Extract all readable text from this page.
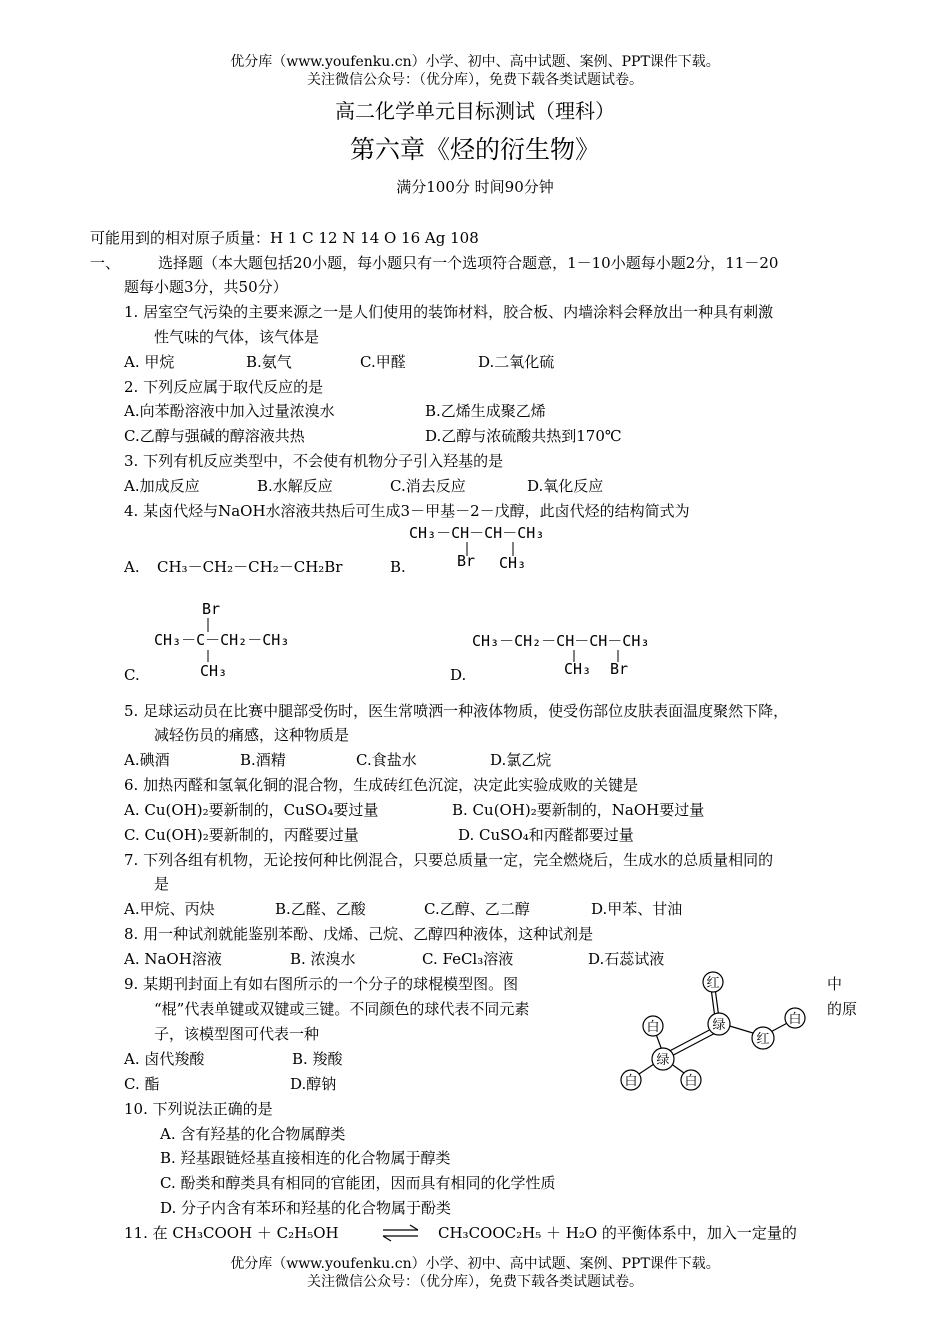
优分库（www.youfenku.cn）小学、初中、高中试题、案例、PPT课件下载。
关注微信公众号：（优分库），免费下载各类试题试卷。
高二化学单元目标测试（理科）
第六章《烃的衍生物》
满分100分 时间90分钟
可能用到的相对原子质量：H 1 C 12 N 14 O 16 Ag 108
一、	选择题（本大题包括20小题，每小题只有一个选项符合题意，1－10小题每小题2分，11－20
题每小题3分，共50分）
1. 居室空气污染的主要来源之一是人们使用的装饰材料，胶合板、内墙涂料会释放出一种具有刺激
性气味的气体，该气体是
A. 甲烷	B.氨气	C.甲醛	D.二氧化硫
2. 下列反应属于取代反应的是
A.向苯酚溶液中加入过量浓溴水	B.乙烯生成聚乙烯
C.乙醇与强碱的醇溶液共热	D.乙醇与浓硫酸共热到170℃
3. 下列有机反应类型中，不会使有机物分子引入羟基的是
A.加成反应	B.水解反应	C.消去反应	D.氧化反应
4. 某卤代烃与NaOH水溶液共热后可生成3－甲基－2－戊醇，此卤代烃的结构简式为
CH₃－CH－CH－CH₃
Br CH₃
A. CH₃－CH₂－CH₂－CH₂Br	B.
Br
CH₃－C－CH₂－CH₃
CH₃
C.
CH₃－CH₂－CH－CH－CH₃
CH₃ Br
D.
5. 足球运动员在比赛中腿部受伤时，医生常喷洒一种液体物质，使受伤部位皮肤表面温度聚然下降，
减轻伤员的痛感，这种物质是
A.碘酒	B.酒精	C.食盐水	D.氯乙烷
6. 加热丙醛和氢氧化铜的混合物，生成砖红色沉淀，决定此实验成败的关键是
A. Cu(OH)₂要新制的，CuSO₄要过量	B. Cu(OH)₂要新制的，NaOH要过量
C. Cu(OH)₂要新制的，丙醛要过量	D. CuSO₄和丙醛都要过量
7. 下列各组有机物，无论按何种比例混合，只要总质量一定，完全燃烧后，生成水的总质量相同的
是
A.甲烷、丙炔	B.乙醛、乙酸	C.乙醇、乙二醇	D.甲苯、甘油
8. 用一种试剂就能鉴别苯酚、戊烯、己烷、乙醇四种液体，这种试剂是
A. NaOH溶液	B. 浓溴水	C. FeCl₃溶液	D.石蕊试液
9. 某期刊封面上有如右图所示的一个分子的球棍模型图。图	中
“棍”代表单键或双键或三键。不同颜色的球代表不同元素	的原
子，该模型图可代表一种
A. 卤代羧酸	B. 羧酸
C. 酯	D.醇钠
红
绿
红
白
白
绿
白	白
10. 下列说法正确的是
A. 含有羟基的化合物属醇类
B. 羟基跟链烃基直接相连的化合物属于醇类
C. 酚类和醇类具有相同的官能团，因而具有相同的化学性质
D. 分子内含有苯环和羟基的化合物属于酚类
11. 在 CH₃COOH ＋ C₂H₅OH	⇌ CH₃COOC₂H₅ ＋ H₂O 的平衡体系中，加入一定量的
优分库（www.youfenku.cn）小学、初中、高中试题、案例、PPT课件下载。
关注微信公众号：（优分库），免费下载各类试题试卷。
